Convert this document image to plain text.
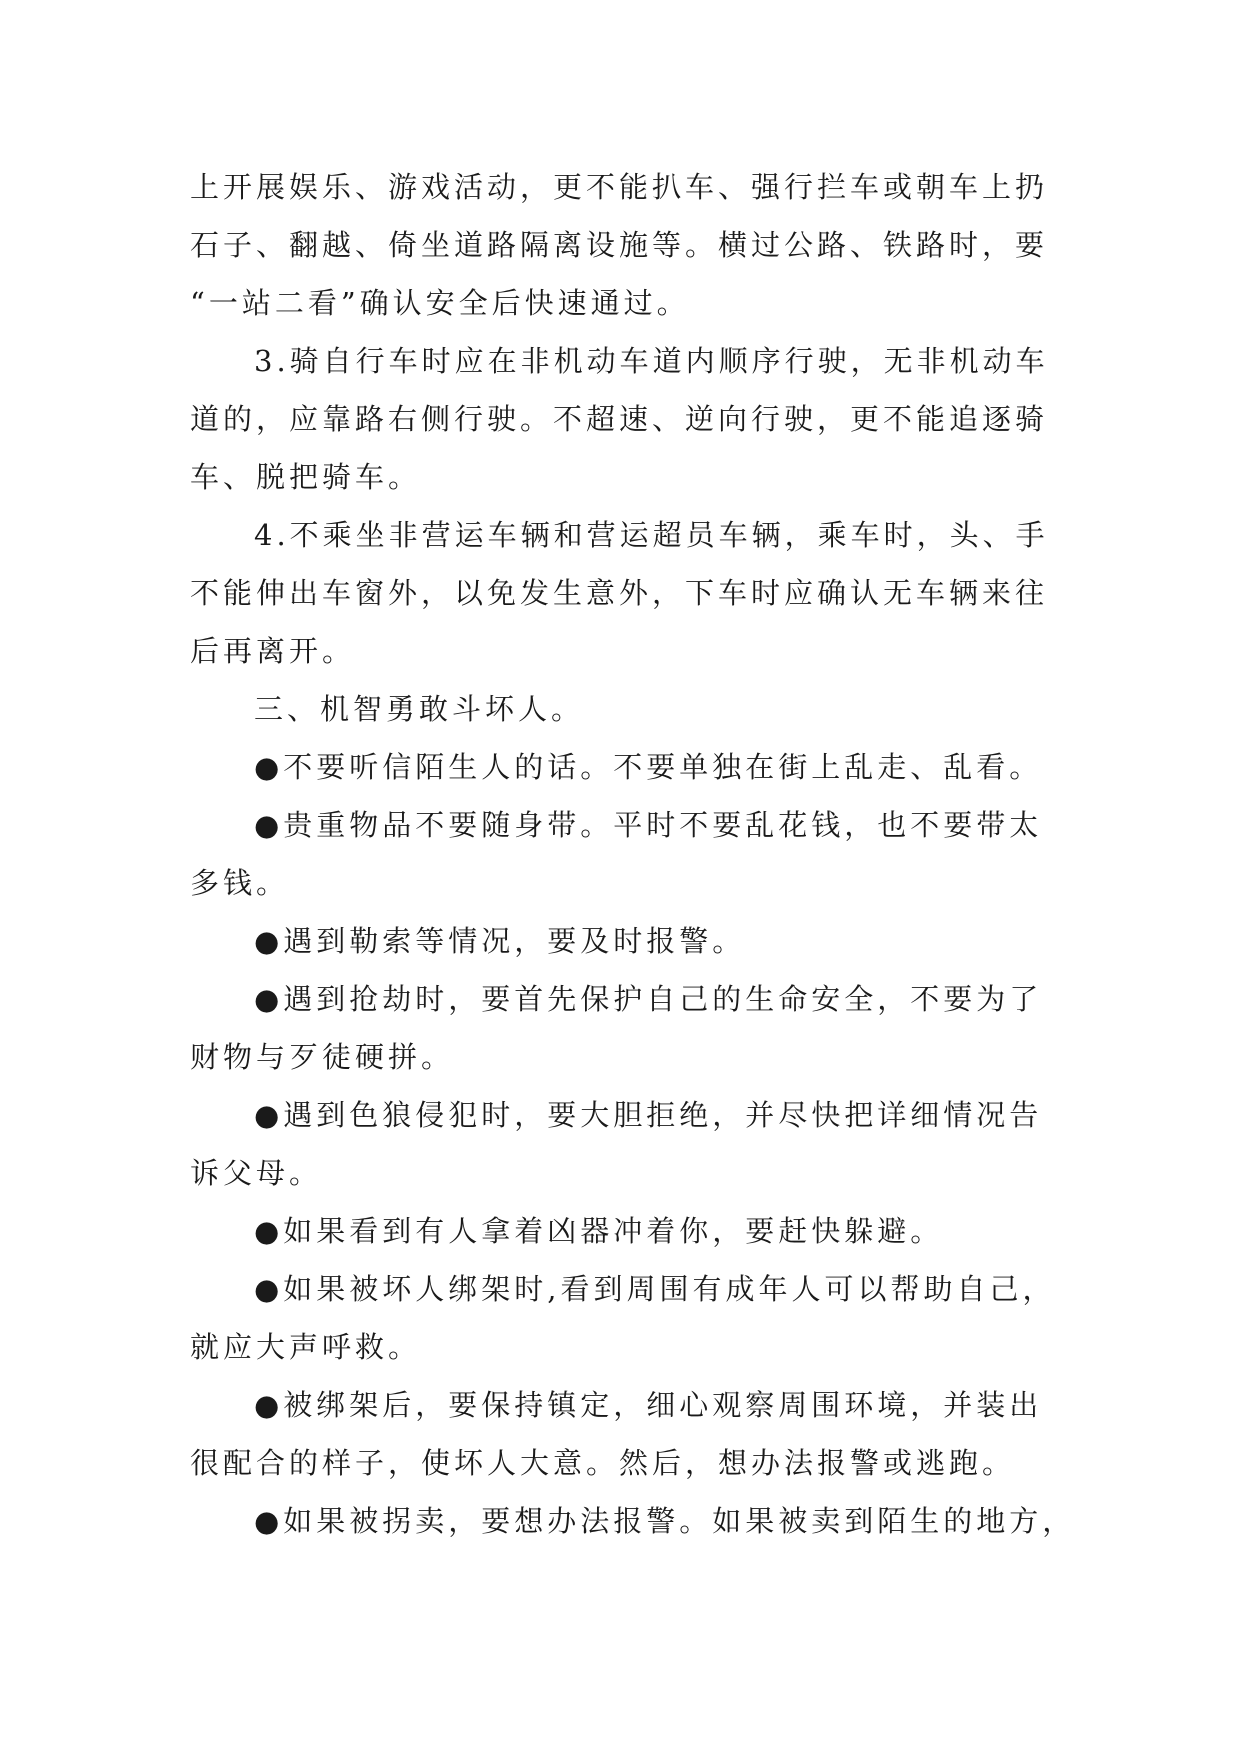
上开展娱乐、游戏活动，更不能扒车、强行拦车或朝车上扔
石子、翻越、倚坐道路隔离设施等。横过公路、铁路时，要
“一站二看”确认安全后快速通过。
3.骑自行车时应在非机动车道内顺序行驶，无非机动车
道的，应靠路右侧行驶。不超速、逆向行驶，更不能追逐骑
车、脱把骑车。
4.不乘坐非营运车辆和营运超员车辆，乘车时，头、手
不能伸出车窗外，以免发生意外，下车时应确认无车辆来往
后再离开。
三、机智勇敢斗坏人。
●不要听信陌生人的话。不要单独在街上乱走、乱看。
●贵重物品不要随身带。平时不要乱花钱，也不要带太
多钱。
●遇到勒索等情况，要及时报警。
●遇到抢劫时，要首先保护自己的生命安全，不要为了
财物与歹徒硬拼。
●遇到色狼侵犯时，要大胆拒绝，并尽快把详细情况告
诉父母。
●如果看到有人拿着凶器冲着你，要赶快躲避。
●如果被坏人绑架时,看到周围有成年人可以帮助自己，
就应大声呼救。
●被绑架后，要保持镇定，细心观察周围环境，并装出
很配合的样子，使坏人大意。然后，想办法报警或逃跑。
●如果被拐卖，要想办法报警。如果被卖到陌生的地方，
